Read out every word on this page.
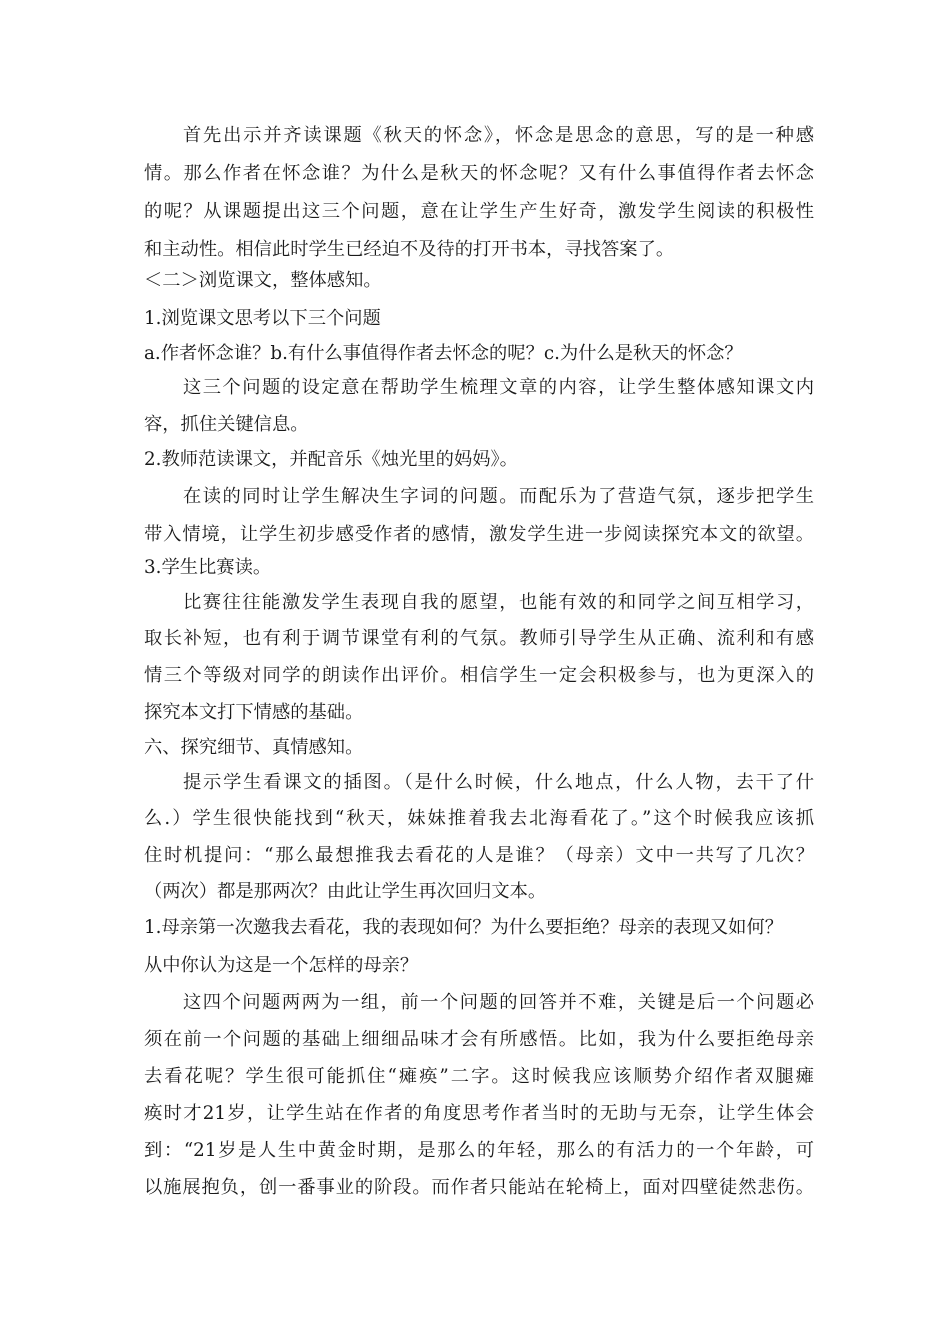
首先出示并齐读课题《秋天的怀念》，怀念是思念的意思，写的是一种感
情。那么作者在怀念谁？为什么是秋天的怀念呢？又有什么事值得作者去怀念
的呢？从课题提出这三个问题，意在让学生产生好奇，激发学生阅读的积极性
和主动性。相信此时学生已经迫不及待的打开书本，寻找答案了。
＜二＞浏览课文，整体感知。
1.浏览课文思考以下三个问题
a.作者怀念谁？b.有什么事值得作者去怀念的呢？c.为什么是秋天的怀念？
这三个问题的设定意在帮助学生梳理文章的内容，让学生整体感知课文内
容，抓住关键信息。
2.教师范读课文，并配音乐《烛光里的妈妈》。
在读的同时让学生解决生字词的问题。而配乐为了营造气氛，逐步把学生
带入情境，让学生初步感受作者的感情，激发学生进一步阅读探究本文的欲望。
3.学生比赛读。
比赛往往能激发学生表现自我的愿望，也能有效的和同学之间互相学习，
取长补短，也有利于调节课堂有利的气氛。教师引导学生从正确、流利和有感
情三个等级对同学的朗读作出评价。相信学生一定会积极参与，也为更深入的
探究本文打下情感的基础。
六、探究细节、真情感知。
提示学生看课文的插图。（是什么时候，什么地点，什么人物，去干了什
么.）学生很快能找到“秋天，妹妹推着我去北海看花了。”这个时候我应该抓
住时机提问：“那么最想推我去看花的人是谁？（母亲）文中一共写了几次？
（两次）都是那两次？由此让学生再次回归文本。
1.母亲第一次邀我去看花，我的表现如何？为什么要拒绝？母亲的表现又如何？
从中你认为这是一个怎样的母亲？
这四个问题两两为一组，前一个问题的回答并不难，关键是后一个问题必
须在前一个问题的基础上细细品味才会有所感悟。比如，我为什么要拒绝母亲
去看花呢？学生很可能抓住“瘫痪”二字。这时候我应该顺势介绍作者双腿瘫
痪时才21岁，让学生站在作者的角度思考作者当时的无助与无奈，让学生体会
到：“21岁是人生中黄金时期，是那么的年轻，那么的有活力的一个年龄，可
以施展抱负，创一番事业的阶段。而作者只能站在轮椅上，面对四壁徒然悲伤。
